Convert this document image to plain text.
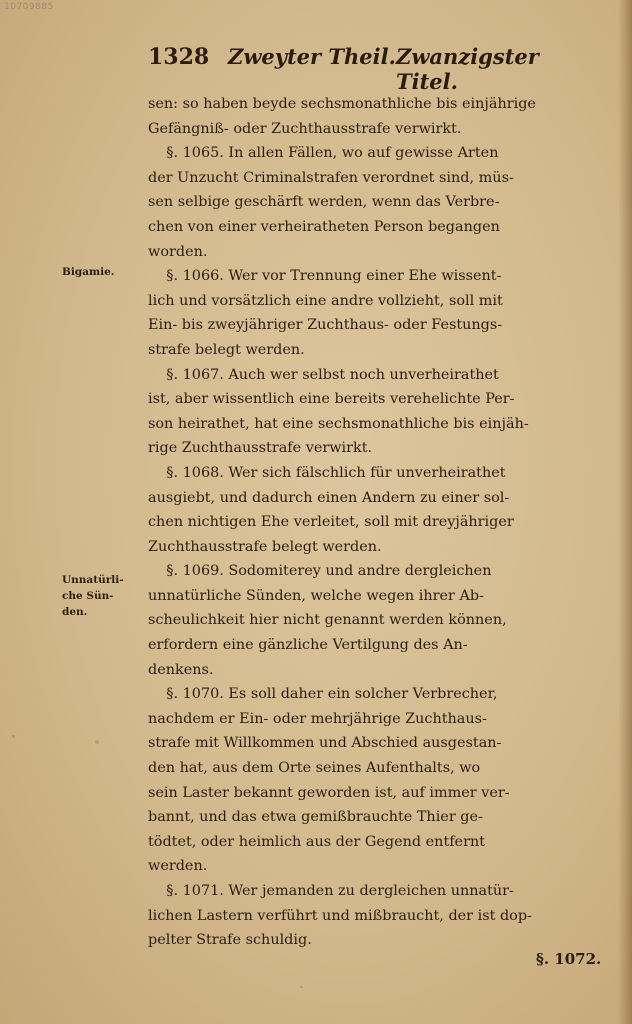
10709885
1328 Zweyter Theil. Zwanzigster Titel.
Bigamie.
Unnatürli-
che Sün-
den.
sen: so haben beyde sechsmonathliche bis einjährige
Gefängniß- oder Zuchthausstrafe verwirkt.
§. 1065. In allen Fällen, wo auf gewisse Arten
der Unzucht Criminalstrafen verordnet sind, müs-
sen selbige geschärft werden, wenn das Verbre-
chen von einer verheiratheten Person begangen
worden.
§. 1066. Wer vor Trennung einer Ehe wissent-
lich und vorsätzlich eine andre vollzieht, soll mit
Ein- bis zweyjähriger Zuchthaus- oder Festungs-
strafe belegt werden.
§. 1067. Auch wer selbst noch unverheirathet
ist, aber wissentlich eine bereits verehelichte Per-
son heirathet, hat eine sechsmonathliche bis einjäh-
rige Zuchthausstrafe verwirkt.
§. 1068. Wer sich fälschlich für unverheirathet
ausgiebt, und dadurch einen Andern zu einer sol-
chen nichtigen Ehe verleitet, soll mit dreyjähriger
Zuchthausstrafe belegt werden.
§. 1069. Sodomiterey und andre dergleichen
unnatürliche Sünden, welche wegen ihrer Ab-
scheulichkeit hier nicht genannt werden können,
erfordern eine gänzliche Vertilgung des An-
denkens.
§. 1070. Es soll daher ein solcher Verbrecher,
nachdem er Ein- oder mehrjährige Zuchthaus-
strafe mit Willkommen und Abschied ausgestan-
den hat, aus dem Orte seines Aufenthalts, wo
sein Laster bekannt geworden ist, auf immer ver-
bannt, und das etwa gemißbrauchte Thier ge-
tödtet, oder heimlich aus der Gegend entfernt
werden.
§. 1071. Wer jemanden zu dergleichen unnatür-
lichen Lastern verführt und mißbraucht, der ist dop-
pelter Strafe schuldig.
§. 1072.
